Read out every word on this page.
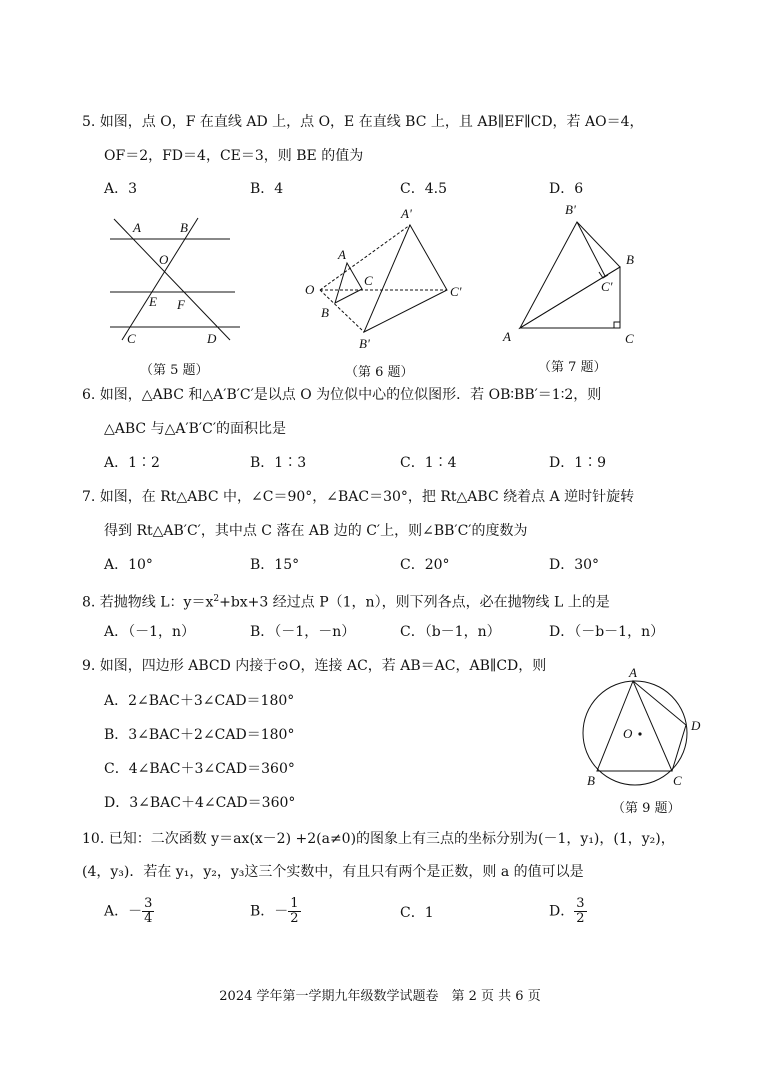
5. 如图，点 O，F 在直线 AD 上，点 O，E 在直线 BC 上，且 AB∥EF∥CD，若 AO＝4，
OF＝2，FD＝4，CE＝3，则 BE 的值为
A．3	B．4	C．4.5	D．6
A	B
O
E F
C	D
（第 5 题）
A'
A
C
O	C'
B
B'
（第 6 题）
B'
B
C'
A	C
（第 7 题）
6. 如图，△ABC 和△A′B′C′是以点 O 为位似中心的位似图形．若 OB∶BB′＝1∶2，则
△ABC 与△A′B′C′的面积比是
A．1∶2	B．1∶3	C．1∶4	D．1∶9
7. 如图，在 Rt△ABC 中，∠C＝90°，∠BAC＝30°，把 Rt△ABC 绕着点 A 逆时针旋转
得到 Rt△AB′C′，其中点 C 落在 AB 边的 C′上，则∠BB′C′的度数为
A．10°	B．15°	C．20°	D．30°
8. 若抛物线 L：$y=x^2+bx+3$ 经过点 P（1，n），则下列各点，必在抛物线 L 上的是
A．（－1，n）	B．（－1，－n）	C．（b－1，n）	D．（－b－1，n）
9. 如图，四边形 ABCD 内接于⊙O，连接 AC，若 AB＝AC，AB∥CD，则
A．2∠BAC＋3∠CAD＝180°
B．3∠BAC＋2∠CAD＝180°
C．4∠BAC＋3∠CAD＝360°
D．3∠BAC＋4∠CAD＝360°
A
D
O
B	C
（第 9 题）
10. 已知：二次函数 y＝ax(x－2) +2(a≠0)的图象上有三点的坐标分别为(－1，y₁)，(1，y₂)，
(4，y₃)．若在 y₁，y₂，y₃这三个实数中，有且只有两个是正数，则 a 的值可以是
A．－ $\frac{3}{4}$	B．－ $\frac{1}{2}$	C．1	D． $\frac{3}{2}$
2024 学年第一学期九年级数学试题卷　第 2 页 共 6 页
